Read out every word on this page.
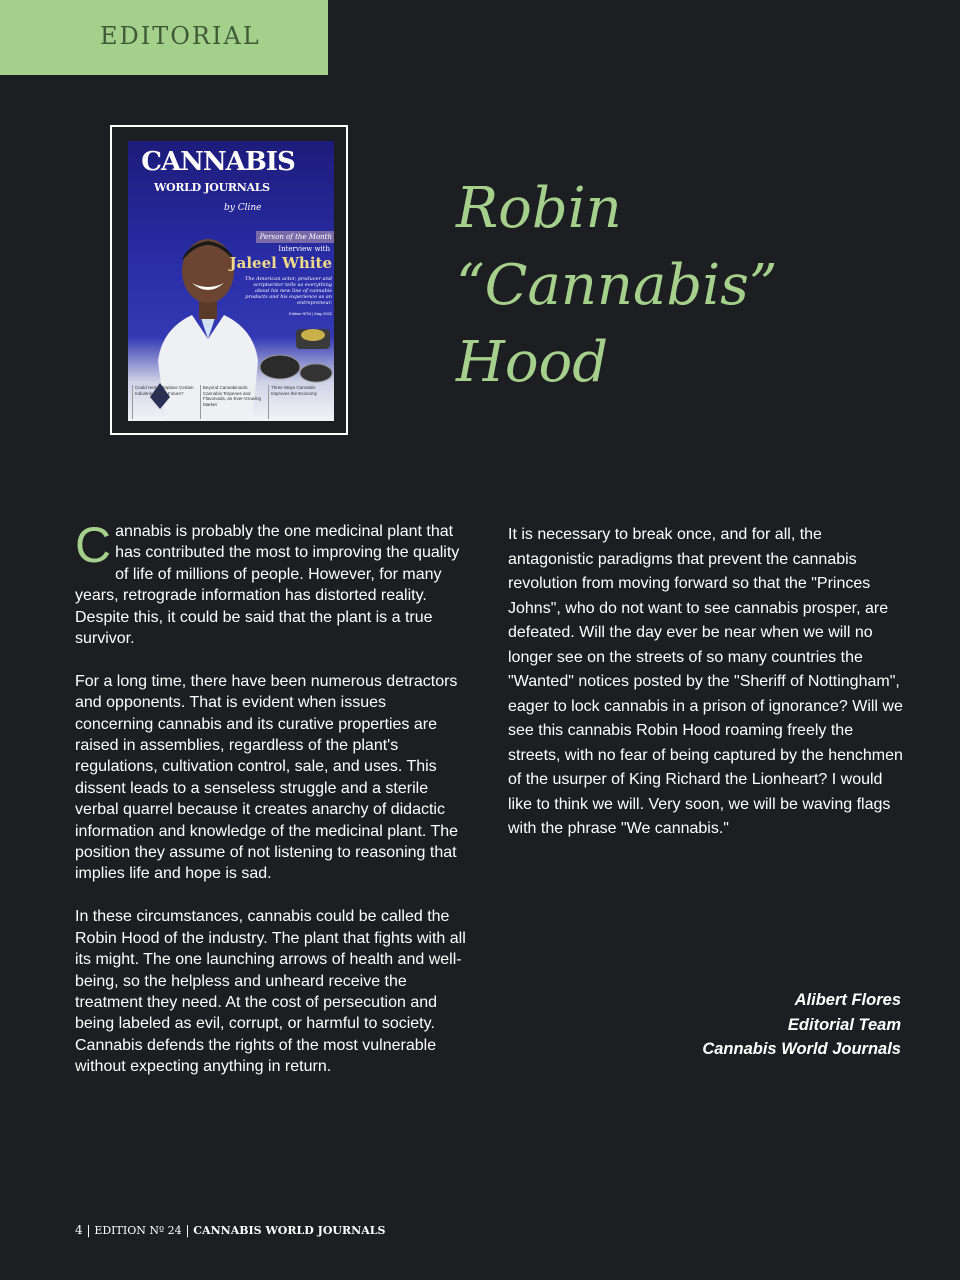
EDITORIAL
CANNABIS
WORLD JOURNALS
by Cline
Person of the Month
Interview with
Jaleel White
The American actor, producer and scriptwriter tells us everything about his new line of cannabis products and his experience as an entrepreneur.
Edition Nº24 | May 2022
Could Hemp Replace Certain Industries in the Future?
Beyond Cannabinoids: Cannabis Terpenes and Flavonoids, an Ever-Growing Market
Three Ways Cannabis Improves the Economy
Robin
“Cannabis”
Hood

Cannabis is probably the one medicinal plant that has contributed the most to improving the quality of life of millions of people. However, for many years, retrograde information has distorted reality. Despite this, it could be said that the plant is a true survivor.

For a long time, there have been numerous detractors and opponents. That is evident when issues concerning cannabis and its curative properties are raised in assemblies, regardless of the plant's regulations, cultivation control, sale, and uses. This dissent leads to a senseless struggle and a sterile verbal quarrel because it creates anarchy of didactic information and knowledge of the medicinal plant. The position they assume of not listening to reasoning that implies life and hope is sad.

In these circumstances, cannabis could be called the Robin Hood of the industry. The plant that fights with all its might. The one launching arrows of health and well-being, so the helpless and unheard receive the treatment they need. At the cost of persecution and being labeled as evil, corrupt, or harmful to society. Cannabis defends the rights of the most vulnerable without expecting anything in return.

It is necessary to break once, and for all, the antagonistic paradigms that prevent the cannabis revolution from moving forward so that the "Princes Johns", who do not want to see cannabis prosper, are defeated. Will the day ever be near when we will no longer see on the streets of so many countries the "Wanted" notices posted by the "Sheriff of Nottingham", eager to lock cannabis in a prison of ignorance? Will we see this cannabis Robin Hood roaming freely the streets, with no fear of being captured by the henchmen of the usurper of King Richard the Lionheart? I would like to think we will. Very soon, we will be waving flags with the phrase "We cannabis."

Alibert Flores
Editorial Team
Cannabis World Journals
4 | EDITION Nº 24 | CANNABIS WORLD JOURNALS
